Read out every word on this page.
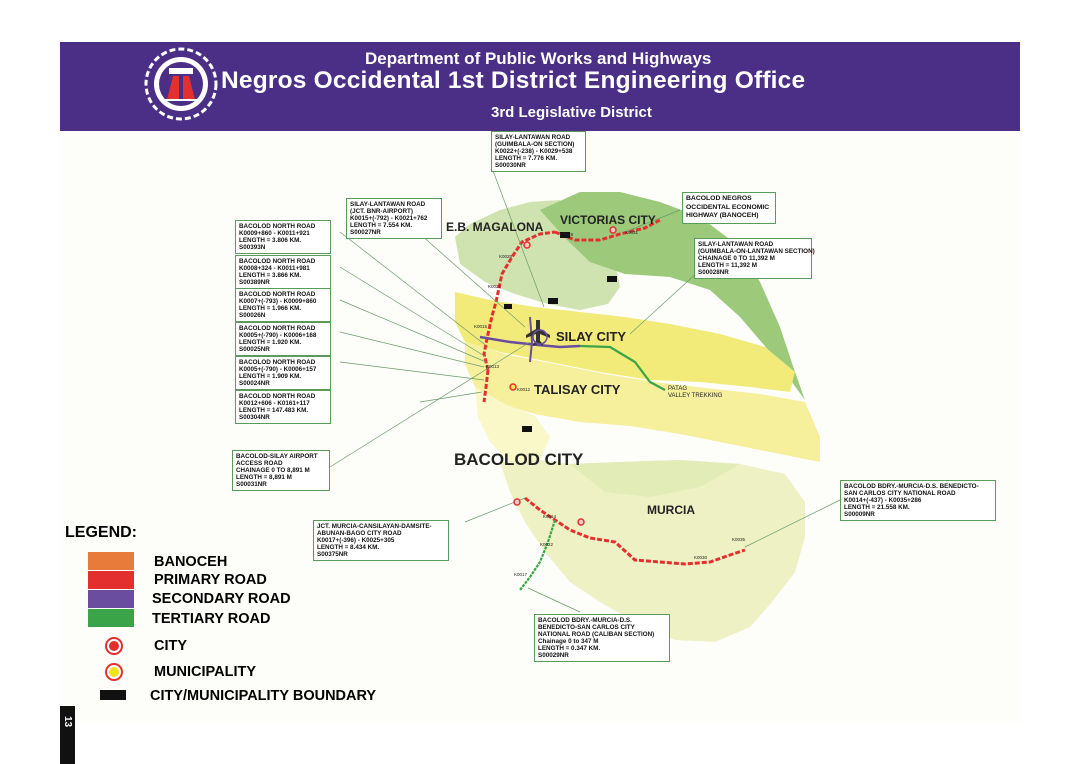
Department of Public Works and Highways
Negros Occidental 1st District Engineering Office
3rd Legislative District
E.B. MAGALONA VICTORIAS CITY
SILAY CITY
TALISAY CITY
BACOLOD CITY
MURCIA
PATAG
VALLEY TREKKING
K0029	K0031
K0025
K0015
K0021
K0013
K0012
K0014
K0022
K0017
K0030
K0035
SILAY-LANTAWAN ROAD
(GUIMBALA-ON SECTION)
K0022+(-238) - K0029+538
LENGTH = 7.776 KM.
S00030NR
SILAY-LANTAWAN ROAD
(JCT. BNR-AIRPORT)
K0015+(-792) - K0021+762
LENGTH = 7.554 KM.
S00027NR
BACOLOD NEGROS
OCCIDENTAL ECONOMIC
HIGHWAY (BANOCEH)
SILAY-LANTAWAN ROAD
(GUIMBALA-ON-LANTAWAN SECTION)
CHAINAGE 0 TO 11,392 M
LENGTH = 11,392 M
S00028NR
BACOLOD NORTH ROAD
K0009+860 - K0011+921
LENGTH = 3.806 KM.
S00393N
BACOLOD NORTH ROAD
K0008+324 - K0011+981
LENGTH = 3.866 KM.
S00389NR
BACOLOD NORTH ROAD
K0007+(-793) - K0009+860
LENGTH = 1.966 KM.
S00026N
BACOLOD NORTH ROAD
K0005+(-790) - K0006+168
LENGTH = 1.920 KM.
S00025NR
BACOLOD NORTH ROAD
K0005+(-790) - K0006+157
LENGTH = 1.909 KM.
S00024NR
BACOLOD NORTH ROAD
K0012+606 - K0161+117
LENGTH = 147.483 KM.
S00304NR
BACOLOD-SILAY AIRPORT
ACCESS ROAD
CHAINAGE 0 TO 8,891 M
LENGTH = 8,891 M
S00031NR	BACOLOD BDRY.-MURCIA-D.S. BENEDICTO-
SAN CARLOS CITY NATIONAL ROAD
K0014+(-437) - K0035+286
LENGTH = 21.558 KM.
S00009NR
JCT. MURCIA-CANSILAYAN-DAMSITE-
ABUNAN-BAGO CITY ROAD
K0017+(-396) - K0025+305
LENGTH = 8.434 KM.
S00375NR
BACOLOD BDRY.-MURCIA-D.S.
BENEDICTO-SAN CARLOS CITY
NATIONAL ROAD (CALIBAN SECTION)
Chainage 0 to 347 M
LENGTH = 0.347 KM.
S00029NR
LEGEND:
BANOCEH
PRIMARY ROAD
SECONDARY ROAD
TERTIARY ROAD
CITY
MUNICIPALITY
CITY/MUNICIPALITY BOUNDARY
13
